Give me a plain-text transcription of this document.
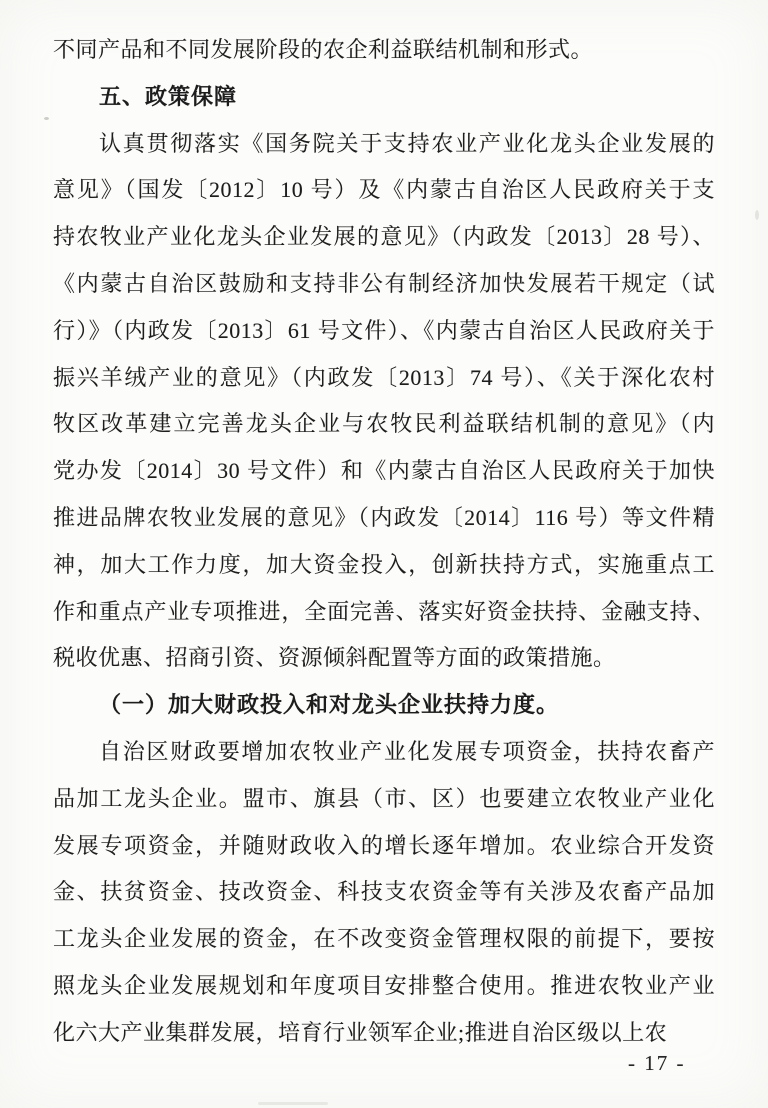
不同产品和不同发展阶段的农企利益联结机制和形式。
五、政策保障
认真贯彻落实《国务院关于支持农业产业化龙头企业发展的
意见》（国发〔2012〕10 号）及《内蒙古自治区人民政府关于支
持农牧业产业化龙头企业发展的意见》（内政发〔2013〕28 号）、
《内蒙古自治区鼓励和支持非公有制经济加快发展若干规定（试
行）》（内政发〔2013〕61 号文件）、《内蒙古自治区人民政府关于
振兴羊绒产业的意见》（内政发〔2013〕74 号）、《关于深化农村
牧区改革建立完善龙头企业与农牧民利益联结机制的意见》（内
党办发〔2014〕30 号文件）和《内蒙古自治区人民政府关于加快
推进品牌农牧业发展的意见》（内政发〔2014〕116 号）等文件精
神，加大工作力度，加大资金投入，创新扶持方式，实施重点工
作和重点产业专项推进，全面完善、落实好资金扶持、金融支持、
税收优惠、招商引资、资源倾斜配置等方面的政策措施。
（一）加大财政投入和对龙头企业扶持力度。
自治区财政要增加农牧业产业化发展专项资金，扶持农畜产
品加工龙头企业。盟市、旗县（市、区）也要建立农牧业产业化
发展专项资金，并随财政收入的增长逐年增加。农业综合开发资
金、扶贫资金、技改资金、科技支农资金等有关涉及农畜产品加
工龙头企业发展的资金，在不改变资金管理权限的前提下，要按
照龙头企业发展规划和年度项目安排整合使用。推进农牧业产业
化六大产业集群发展，培育行业领军企业;推进自治区级以上农
- 17 -
